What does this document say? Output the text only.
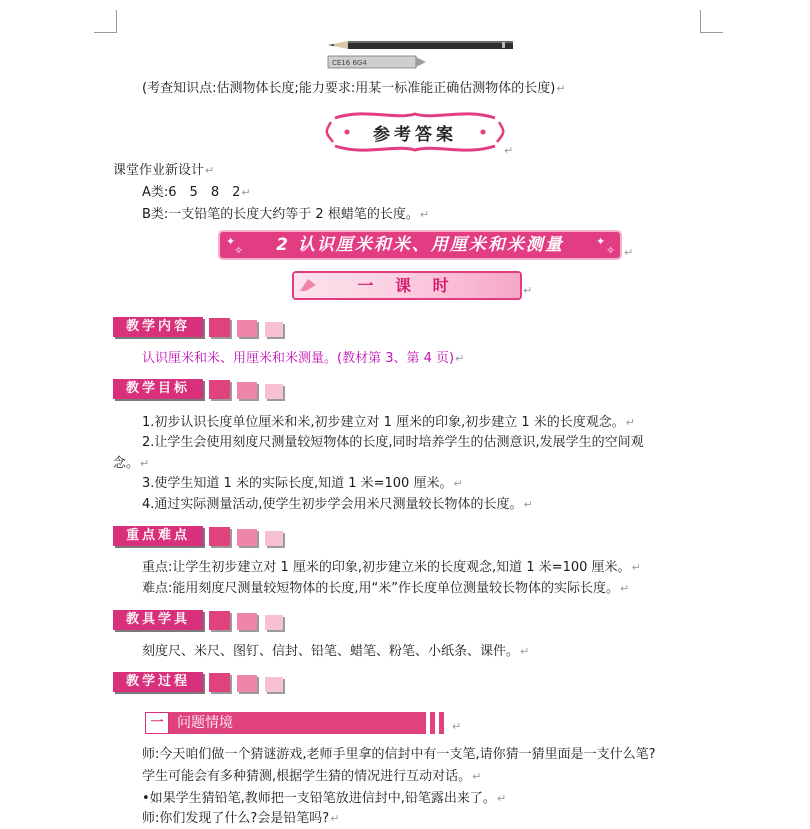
CE16 6G4
(考查知识点:估测物体长度;能力要求:用某一标准能正确估测物体的长度)↵
参考答案
↵
课堂作业新设计↵
A类:6　5　8　2↵
B类:一支铅笔的长度大约等于 2 根蜡笔的长度。↵
✦
✧
✦
✧
2 认识厘米和米、用厘米和米测量	↵
一 课 时	↵
教学内容
认识厘米和米、用厘米和米测量。(教材第 3、第 4 页)↵
教学目标
1.初步认识长度单位厘米和米,初步建立对 1 厘米的印象,初步建立 1 米的长度观念。↵
2.让学生会使用刻度尺测量较短物体的长度,同时培养学生的估测意识,发展学生的空间观
念。↵
3.使学生知道 1 米的实际长度,知道 1 米=100 厘米。↵
4.通过实际测量活动,使学生初步学会用米尺测量较长物体的长度。↵
重点难点
重点:让学生初步建立对 1 厘米的印象,初步建立米的长度观念,知道 1 米=100 厘米。↵
难点:能用刻度尺测量较短物体的长度,用“米”作长度单位测量较长物体的实际长度。↵
教具学具
刻度尺、米尺、图钉、信封、铅笔、蜡笔、粉笔、小纸条、课件。↵
教学过程
一 问题情境	↵
师:今天咱们做一个猜谜游戏,老师手里拿的信封中有一支笔,请你猜一猜里面是一支什么笔?
学生可能会有多种猜测,根据学生猜的情况进行互动对话。↵
•如果学生猜铅笔,教师把一支铅笔放进信封中,铅笔露出来了。↵
师:你们发现了什么?会是铅笔吗?↵
